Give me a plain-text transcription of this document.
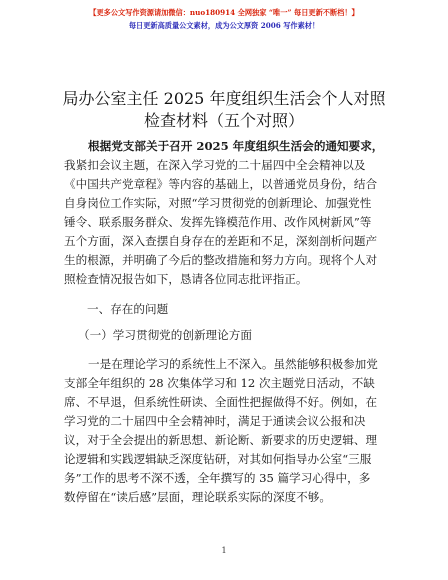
【更多公文写作资源请加微信：nuo180914 全网独家 “唯一” 每日更新不断档！】
每日更新高质量公文素材，成为公文厚资 2006 写作素材！
局办公室主任 2025 年度组织生活会个人对照检查材料（五个对照）
根据党支部关于召开 2025 年度组织生活会的通知要求，
我紧扣会议主题，在深入学习党的二十届四中全会精神以及
《中国共产党章程》等内容的基础上，以普通党员身份，结合
自身岗位工作实际，对照“学习贯彻党的创新理论、加强党性
锤令、联系服务群众、发挥先锋模范作用、改作风树新风”等
五个方面，深入查摆自身存在的差距和不足，深刻剖析问题产
生的根源，并明确了今后的整改措施和努力方向。现将个人对
照检查情况报告如下，恳请各位同志批评指正。
一、存在的问题
（一）学习贯彻党的创新理论方面
一是在理论学习的系统性上不深入。虽然能够积极参加党
支部全年组织的 28 次集体学习和 12 次主题党日活动，不缺
席、不早退，但系统性研读、全面性把握做得不好。例如，在
学习党的二十届四中全会精神时，满足于通读会议公报和决
议，对于全会提出的新思想、新论断、新要求的历史逻辑、理
论逻辑和实践逻辑缺乏深度钻研，对其如何指导办公室“三服
务”工作的思考不深不透，全年撰写的 35 篇学习心得中，多
数停留在“读后感”层面，理论联系实际的深度不够。
1
